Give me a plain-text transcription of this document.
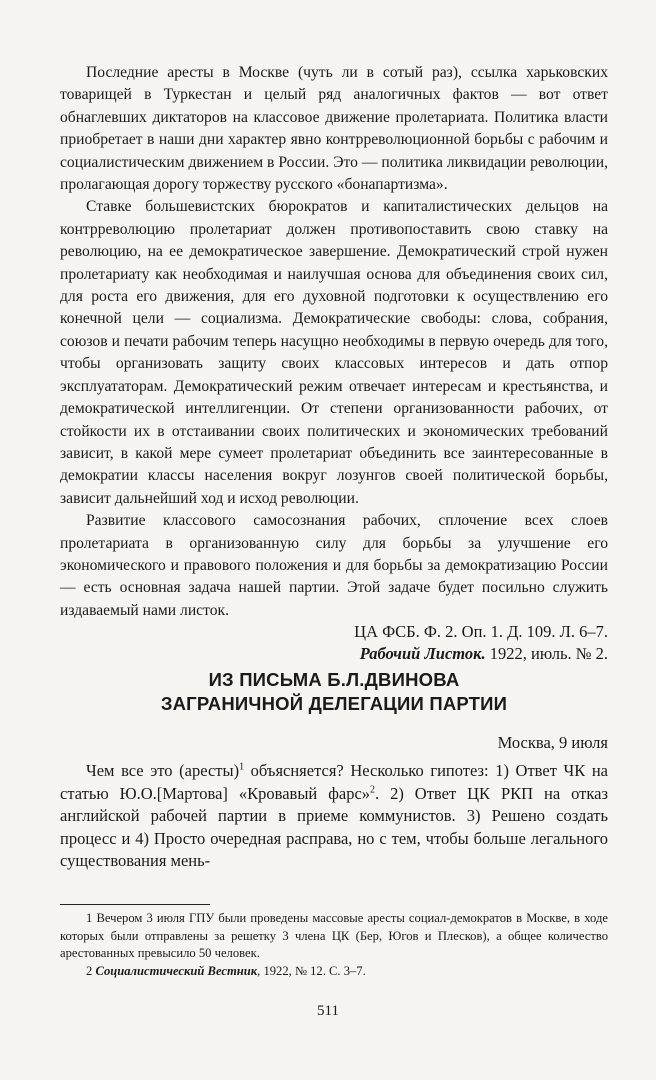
Последние аресты в Москве (чуть ли в сотый раз), ссылка харьковских товарищей в Туркестан и целый ряд аналогичных фактов — вот ответ обнаглевших диктаторов на классовое движение пролетариата. Политика власти приобретает в наши дни характер явно контрреволюционной борьбы с рабочим и социалистическим движением в России. Это — политика ликвидации революции, пролагающая дорогу торжеству русского «бонапартизма».

Ставке большевистских бюрократов и капиталистических дельцов на контрреволюцию пролетариат должен противопоставить свою ставку на революцию, на ее демократическое завершение. Демократический строй нужен пролетариату как необходимая и наилучшая основа для объединения своих сил, для роста его движения, для его духовной подготовки к осуществлению его конечной цели — социализма. Демократические свободы: слова, собрания, союзов и печати рабочим теперь насущно необходимы в первую очередь для того, чтобы организовать защиту своих классовых интересов и дать отпор эксплуататорам. Демократический режим отвечает интересам и крестьянства, и демократической интеллигенции. От степени организованности рабочих, от стойкости их в отстаивании своих политических и экономических требований зависит, в какой мере сумеет пролетариат объединить все заинтересованные в демократии классы населения вокруг лозунгов своей политической борьбы, зависит дальнейший ход и исход революции.

Развитие классового самосознания рабочих, сплочение всех слоев пролетариата в организованную силу для борьбы за улучшение его экономического и правового положения и для борьбы за демократизацию России — есть основная задача нашей партии. Этой задаче будет посильно служить издаваемый нами листок.

ЦА ФСБ. Ф. 2. Оп. 1. Д. 109. Л. 6–7.
Рабочий Листок. 1922, июль. № 2.
ИЗ ПИСЬМА Б.Л.ДВИНОВА
ЗАГРАНИЧНОЙ ДЕЛЕГАЦИИ ПАРТИИ
Москва, 9 июля

Чем все это (аресты)$^1$ объясняется? Несколько гипотез: 1) Ответ ЧК на статью Ю.О.[Мартова] «Кровавый фарс»$^2$. 2) Ответ ЦК РКП на отказ английской рабочей партии в приеме коммунистов. 3) Решено создать процесс и 4) Просто очередная расправа, но с тем, чтобы больше легального существования мень-

1 Вечером 3 июля ГПУ были проведены массовые аресты социал-демократов в Москве, в ходе которых были отправлены за решетку 3 члена ЦК (Бер, Югов и Плесков), а общее количество арестованных превысило 50 человек.

2 Социалистический Вестник, 1922, № 12. С. 3–7.

511
